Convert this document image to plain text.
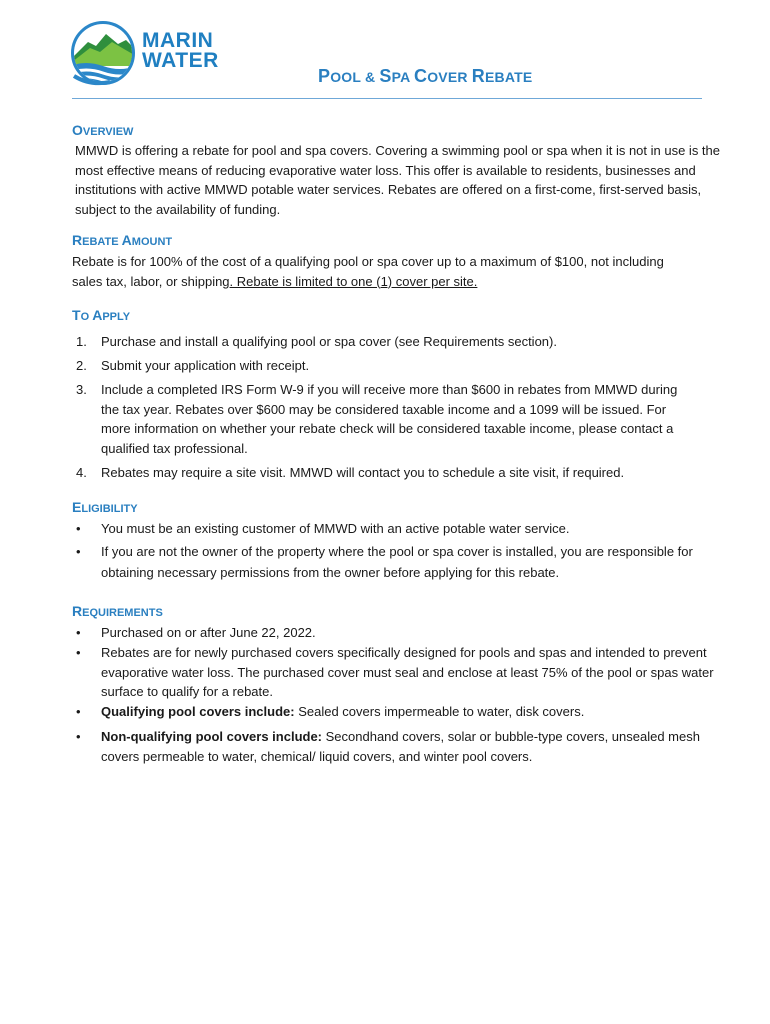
MARIN
WATER
POOL & SPA COVER REBATE
OVERVIEW
MMWD is offering a rebate for pool and spa covers. Covering a swimming pool or spa when it is not in use is the most effective means of reducing evaporative water loss. This offer is available to residents, businesses and institutions with active MMWD potable water services. Rebates are offered on a first-come, first-served basis, subject to the availability of funding.
REBATE AMOUNT
Rebate is for 100% of the cost of a qualifying pool or spa cover up to a maximum of $100, not including sales tax, labor, or shipping. Rebate is limited to one (1) cover per site.
TO APPLY
1. Purchase and install a qualifying pool or spa cover (see Requirements section).
2. Submit your application with receipt.
3. Include a completed IRS Form W-9 if you will receive more than $600 in rebates from MMWD during the tax year. Rebates over $600 may be considered taxable income and a 1099 will be issued. For more information on whether your rebate check will be considered taxable income, please contact a qualified tax professional.
4. Rebates may require a site visit. MMWD will contact you to schedule a site visit, if required.
ELIGIBILITY
• You must be an existing customer of MMWD with an active potable water service.
• If you are not the owner of the property where the pool or spa cover is installed, you are responsible for obtaining necessary permissions from the owner before applying for this rebate.
REQUIREMENTS
• Purchased on or after June 22, 2022.
• Rebates are for newly purchased covers specifically designed for pools and spas and intended to prevent evaporative water loss. The purchased cover must seal and enclose at least 75% of the pool or spas water surface to qualify for a rebate.
• Qualifying pool covers include: Sealed covers impermeable to water, disk covers.
• Non-qualifying pool covers include: Secondhand covers, solar or bubble-type covers, unsealed mesh covers permeable to water, chemical/ liquid covers, and winter pool covers.
